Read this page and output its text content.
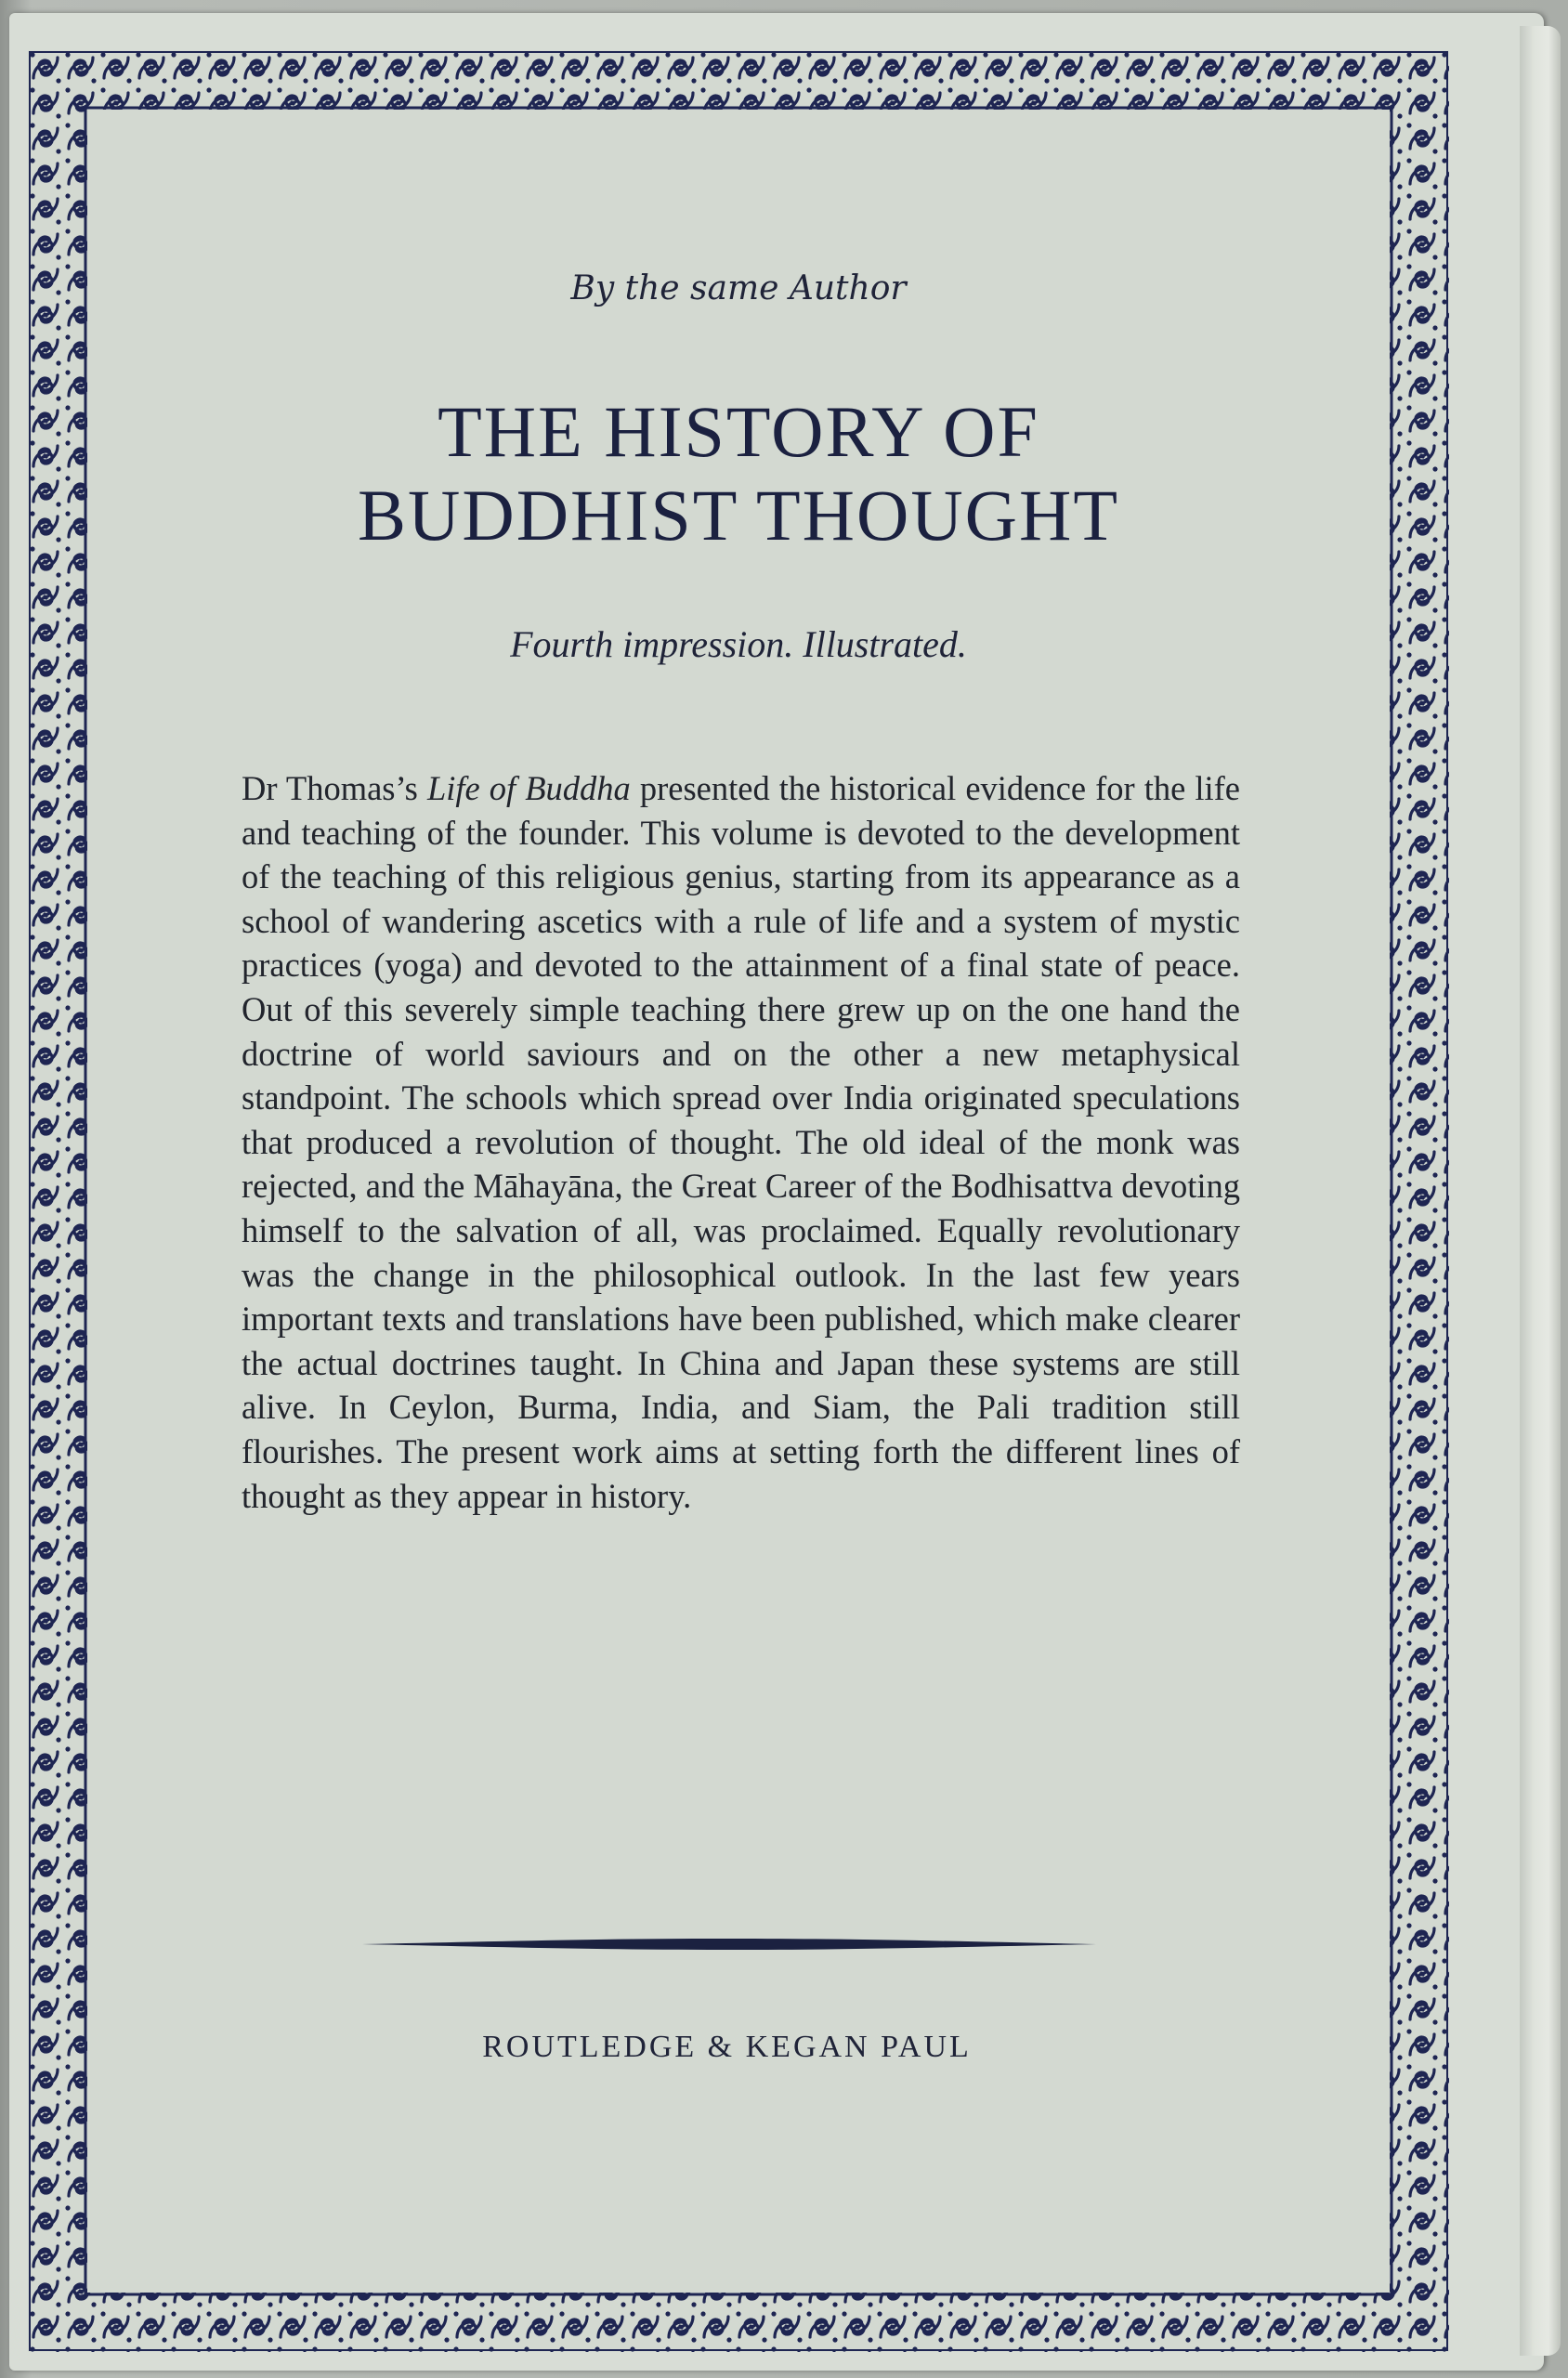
By the same Author
THE HISTORY OF
BUDDHIST THOUGHT
Fourth impression. Illustrated.
Dr Thomas’s Life of Buddha presented the historical evidence for the life and teaching of the founder. This volume is devoted to the development of the teaching of this religious genius, starting from its appearance as a school of wandering ascetics with a rule of life and a system of mystic practices (yoga) and devoted to the attainment of a final state of peace. Out of this severely simple teaching there grew up on the one hand the doctrine of world saviours and on the other a new metaphysical standpoint. The schools which spread over India originated speculations that produced a revolution of thought. The old ideal of the monk was rejected, and the Māhayāna, the Great Career of the Bodhisattva devoting himself to the salvation of all, was proclaimed. Equally revolutionary was the change in the philosophical outlook. In the last few years important texts and translations have been published, which make clearer the actual doctrines taught. In China and Japan these systems are still alive. In Ceylon, Burma, India, and Siam, the Pali tradition still flourishes. The present work aims at setting forth the different lines of thought as they appear in history.
ROUTLEDGE & KEGAN PAUL
